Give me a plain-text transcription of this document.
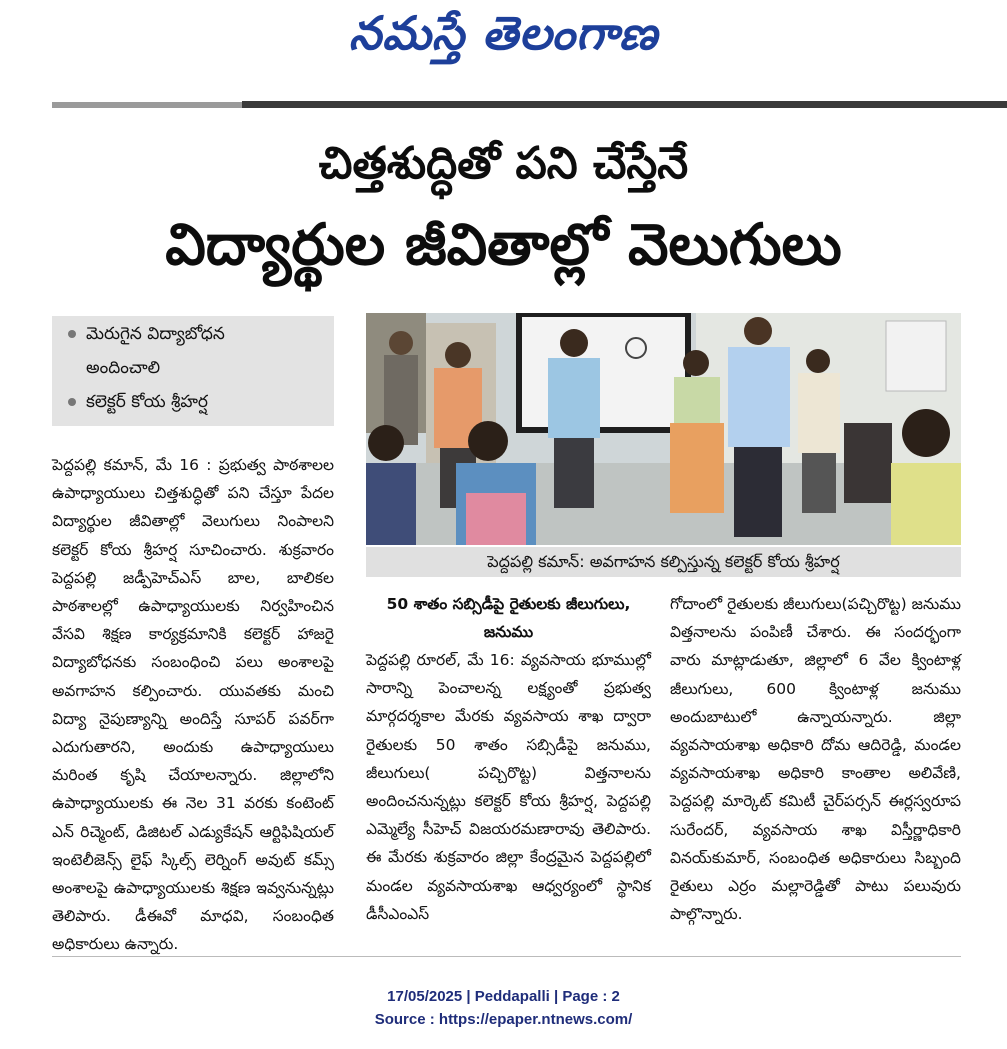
నమస్తే తెలంగాణ
చిత్తశుద్ధితో పని చేస్తేనే
విద్యార్థుల జీవితాల్లో వెలుగులు
మెరుగైన విద్యాబోధన
అందించాలి
కలెక్టర్ కోయ శ్రీహర్ష
పెద్దపల్లి కమాన్: అవగాహన కల్పిస్తున్న కలెక్టర్ కోయ శ్రీహర్ష

పెద్దపల్లి కమాన్, మే 16 : ప్రభుత్వ పాఠశాలల ఉపాధ్యాయులు చిత్తశుద్ధితో పని చేస్తూ పేదల విద్యార్థుల జీవితాల్లో వెలుగులు నింపాలని కలెక్టర్ కోయ శ్రీహర్ష సూచించారు. శుక్రవారం పెద్దపల్లి జడ్పీహెచ్‌ఎస్ బాల, బాలికల పాఠశాలల్లో ఉపాధ్యాయులకు నిర్వహించిన వేసవి శిక్షణ కార్యక్రమానికి కలెక్టర్ హాజరై విద్యాబోధనకు సంబంధించి పలు అంశాలపై అవగాహన కల్పించారు. యువతకు మంచి విద్యా నైపుణ్యాన్ని అందిస్తే సూపర్ పవర్‌గా ఎదుగుతారని, అందుకు ఉపాధ్యాయులు మరింత కృషి చేయాలన్నారు. జిల్లాలోని ఉపాధ్యాయులకు ఈ నెల 31 వరకు కంటెంట్ ఎన్ రిచ్మెంట్, డిజిటల్ ఎడ్యుకేషన్ ఆర్టిఫిషియల్ ఇంటెలీజెన్స్ లైఫ్ స్కిల్స్ లెర్నింగ్ అవుట్ కమ్స్ అంశాలపై ఉపాధ్యాయులకు శిక్షణ ఇవ్వనున్నట్లు తెలిపారు. డీఈవో మాధవి, సంబంధిత అధికారులు ఉన్నారు.

50 శాతం సబ్సిడీపై రైతులకు జీలుగులు, జనుము

పెద్దపల్లి రూరల్, మే 16: వ్యవసాయ భూముల్లో సారాన్ని పెంచాలన్న లక్ష్యంతో ప్రభుత్వ మార్గదర్శకాల మేరకు వ్యవసాయ శాఖ ద్వారా రైతులకు 50 శాతం సబ్సిడీపై జనుము, జీలుగులు( పచ్చిరొట్ట) విత్తనాలను అందించనున్నట్లు కలెక్టర్ కోయ శ్రీహర్ష, పెద్దపల్లి ఎమ్మెల్యే సీహెచ్ విజయరమణారావు తెలిపారు. ఈ మేరకు శుక్రవారం జిల్లా కేంద్రమైన పెద్దపల్లిలో మండల వ్యవసాయశాఖ ఆధ్వర్యంలో స్థానిక డీసీఎంఎస్

గోదాంలో రైతులకు జీలుగులు(పచ్చిరొట్ట) జనుము విత్తనాలను పంపిణీ చేశారు. ఈ సందర్భంగా వారు మాట్లాడుతూ, జిల్లాలో 6 వేల క్వింటాళ్ల జీలుగులు, 600 క్వింటాళ్ల జనుము అందుబాటులో ఉన్నాయన్నారు. జిల్లా వ్యవసాయశాఖ అధికారి దోమ ఆదిరెడ్డి, మండల వ్యవసాయశాఖ అధికారి కాంతాల అలివేణి, పెద్దపల్లి మార్కెట్ కమిటీ చైర్‌పర్సన్ ఈర్లస్వరూప సురేందర్, వ్యవసాయ శాఖ విస్తీర్ణాధికారి వినయ్‌కుమార్, సంబంధిత అధికారులు సిబ్బంది రైతులు ఎర్రం మల్లారెడ్డితో పాటు పలువురు పాల్గొన్నారు.

17/05/2025 | Peddapalli | Page : 2
Source : https://epaper.ntnews.com/
